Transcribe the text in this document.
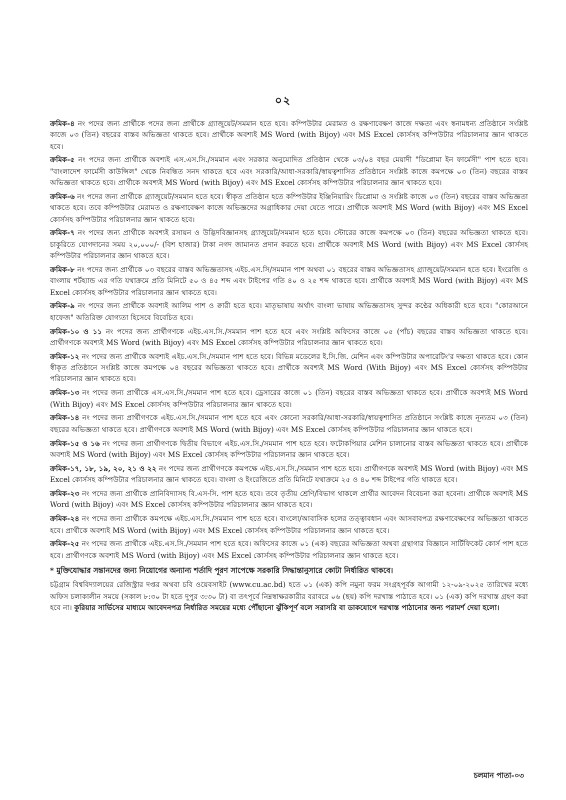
০২

ক্রমিক-৪ নং পদের জন্য প্রার্থীকে পদের জন্য প্রার্থীকে গ্র্যাজুয়েট/সমমান হতে হবে। কম্পিউটার মেরামত ও রক্ষণাবেক্ষণ কাজে দক্ষতা এবং স্বনামধন্য প্রতিষ্ঠানে সংশ্লিষ্ট কাজে ০৩ (তিন) বছরের বাস্তব অভিজ্ঞতা থাকতে হবে। প্রার্থীকে অবশ্যই MS Word (with Bijoy) এবং MS Excel কোর্সসহ কম্পিউটার পরিচালনার জ্ঞান থাকতে হবে।

ক্রমিক-৫ নং পদের জন্য প্রার্থীকে অবশ্যই এস.এস.সি./সমমান এবং সরকার অনুমোদিত প্রতিষ্ঠান থেকে ০৩/০৪ বছর মেয়াদী "ডিপ্লোমা ইন ফার্মেসী" পাশ হতে হবে। "বাংলাদেশ ফার্মেসী কাউন্সিল" থেকে নিবন্ধিত সনদ থাকতে হবে এবং সরকারি/আধা-সরকারি/স্বায়ত্বশাসিত প্রতিষ্ঠানে সংশ্লিষ্ট কাজে কমপক্ষে ০৩ (তিন) বছরের বাস্তব অভিজ্ঞতা থাকতে হবে। প্রার্থীকে অবশ্যই MS Word (with Bijoy) এবং MS Excel কোর্সসহ কম্পিউটার পরিচালনার জ্ঞান থাকতে হবে।

ক্রমিক-৬ নং পদের জন্য প্রার্থীকে গ্র্যাজুয়েট/সমমান হতে হবে। স্বীকৃত প্রতিষ্ঠান হতে কম্পিউটার ইঞ্জিনিয়ারিং ডিপ্লোমা ও সংশ্লিষ্ট কাজে ০৩ (তিন) বছরের বাস্তব অভিজ্ঞতা থাকতে হবে। তবে কম্পিউটার মেরামত ও রক্ষণাবেক্ষণ কাজে অভিজ্ঞদের অগ্রাধিকার দেয়া যেতে পারে। প্রার্থীকে অবশ্যই MS Word (with Bijoy) এবং MS Excel কোর্সসহ কম্পিউটার পরিচালনার জ্ঞান থাকতে হবে।

ক্রমিক-৭ নং পদের জন্য প্রার্থীকে অবশ্যই রসায়ন ও উদ্ভিদবিজ্ঞানসহ গ্র্যাজুয়েট/সমমান হতে হবে। স্টোরের কাজে কমপক্ষে ০৩ (তিন) বছরের অভিজ্ঞতা থাকতে হবে। চাকুরিতে যোগদানের সময় ২০,০০০/- (বিশ হাজার) টাকা নগদ জামানত প্রদান করতে হবে। প্রার্থীকে অবশ্যই MS Word (with Bijoy) এবং MS Excel কোর্সসহ কম্পিউটার পরিচালনার জ্ঞান থাকতে হবে।

ক্রমিক-৮ নং পদের জন্য প্রার্থীকে ০৩ বছরের বাস্তব অভিজ্ঞতাসহ এইচ.এস.সি/সমমান পাশ অথবা ০১ বছরের বাস্তব অভিজ্ঞতাসহ গ্র্যাজুয়েট/সমমান হতে হবে। ইংরেজি ও বাংলায় শর্টহ্যান্ড এর গতি যথাক্রমে প্রতি মিনিটে ৫০ ও ৪৫ শব্দ এবং টাইপের গতি ৪০ ও ২৫ শব্দ থাকতে হবে। প্রার্থীকে অবশ্যই MS Word (with Bijoy) এবং MS Excel কোর্সসহ কম্পিউটার পরিচালনার জ্ঞান থাকতে হবে।

ক্রমিক-৯ নং পদের জন্য প্রার্থীকে অবশ্যই আলিম পাশ ও ক্বারী হতে হবে। মাতৃভাষায় অর্থাৎ বাংলা ভাষায় অভিজ্ঞতাসহ সুন্দর কণ্ঠের অধিকারী হতে হবে। "কোরআনে হাফেজ" অতিরিক্ত যোগ্যতা হিসেবে বিবেচিত হবে।

ক্রমিক-১০ ও ১১ নং পদের জন্য প্রার্থীগণকে এইচ.এস.সি./সমমান পাশ হতে হবে এবং সংশ্লিষ্ট অফিসের কাজে ০৫ (পাঁচ) বছরের বাস্তব অভিজ্ঞতা থাকতে হবে। প্রার্থীগণকে অবশ্যই MS Word (with Bijoy) এবং MS Excel কোর্সসহ কম্পিউটার পরিচালনার জ্ঞান থাকতে হবে।

ক্রমিক-১২ নং পদের জন্য প্রার্থীকে অবশ্যই এইচ.এস.সি./সমমান পাশ হতে হবে। বিভিন্ন মডেলের ই.সি.জি. মেশিন এবং কম্পিউটার অপারেটিং'র দক্ষতা থাকতে হবে। কোন স্বীকৃত প্রতিষ্ঠানে সংশ্লিষ্ট কাজে কমপক্ষে ০৪ বছরের অভিজ্ঞতা থাকতে হবে। প্রার্থীকে অবশ্যই MS Word (With Bijoy) এবং MS Excel কোর্সসহ কম্পিউটার পরিচালনার জ্ঞান থাকতে হবে।

ক্রমিক-১৩ নং পদের জন্য প্রার্থীকে এস.এস.সি./সমমান পাশ হতে হবে। ড্রেসারের কাজে ০১ (তিন) বছরের বাস্তব অভিজ্ঞতা থাকতে হবে। প্রার্থীকে অবশ্যই MS Word (With Bijoy) এবং MS Excel কোর্সসহ কম্পিউটার পরিচালনার জ্ঞান থাকতে হবে।

ক্রমিক-১৪ নং পদের জন্য প্রার্থীগণকে এইচ.এস.সি./সমমান পাশ হতে হবে এবং কোনো সরকারি/আধা-সরকারি/স্বায়ত্বশাসিত প্রতিষ্ঠানে সংশ্লিষ্ট কাজে নূন্যতম ০৩ (তিন) বছরের অভিজ্ঞতা থাকতে হবে। প্রার্থীগণকে অবশ্যই MS Word (with Bijoy) এবং MS Excel কোর্সসহ কম্পিউটার পরিচালনার জ্ঞান থাকতে হবে।

ক্রমিক-১৫ ও ১৬ নং পদের জন্য প্রার্থীগণকে দ্বিতীয় বিভাগে এইচ.এস.সি./সমমান পাশ হতে হবে। ফটোকপিয়ার মেশিন চালানোর বাস্তব অভিজ্ঞতা থাকতে হবে। প্রার্থীকে অবশ্যই MS Word (with Bijoy) এবং MS Excel কোর্সসহ কম্পিউটার পরিচালনার জ্ঞান থাকতে হবে।

ক্রমিক-১৭, ১৮, ১৯, ২০, ২১ ও ২২ নং পদের জন্য প্রার্থীগণকে কমপক্ষে এইচ.এস.সি./সমমান পাশ হতে হবে। প্রার্থীগণকে অবশ্যই MS Word (with Bijoy) এবং MS Excel কোর্সসহ কম্পিউটার পরিচালনার জ্ঞান থাকতে হবে। বাংলা ও ইংরেজিতে প্রতি মিনিটে যথাক্রমে ২৫ ও ৪০ শব্দ টাইপের গতি থাকতে হবে।

ক্রমিক-২৩ নং পদের জন্য প্রার্থীকে প্রানিবিদ্যাসহ বি.এস-সি. পাশ হতে হবে। তবে তৃতীয় শ্রেণি/বিভাগ থাকলে প্রার্থীর আবেদন বিবেচনা করা হবেনা। প্রার্থীকে অবশ্যই MS Word (with Bijoy) এবং MS Excel কোর্সসহ কম্পিউটার পরিচালনার জ্ঞান থাকতে হবে।

ক্রমিক-২৪ নং পদের জন্য প্রার্থীকে কমপক্ষে এইচ.এস.সি./সমমান পাশ হতে হবে। বাংলো/আবাসিক হলের তত্ত্বাবধান এবং আসবাবপত্র রক্ষণাবেক্ষণের অভিজ্ঞতা থাকতে হবে। প্রার্থীকে অবশ্যই MS Word (with Bijoy) এবং MS Excel কোর্সসহ কম্পিউটার পরিচালনার জ্ঞান থাকতে হবে।

ক্রমিক-২৫ নং পদের জন্য প্রার্থীকে এইচ.এস.সি./সমমান পাশ হতে হবে। অফিসের কাজে ০১ (এক) বছরের অভিজ্ঞতা অথবা গ্রন্থাগার বিজ্ঞানে সার্টিফিকেট কোর্স পাশ হতে হবে। প্রার্থীগণকে অবশ্যই MS Word (with Bijoy) এবং MS Excel কোর্সসহ কম্পিউটার পরিচালনার জ্ঞান থাকতে হবে।

* মুক্তিযোদ্ধার সন্তানদের জন্য নিয়োগের অন্যান্য শর্তাদি পূরণ সাপেক্ষে সরকারি সিদ্ধান্তানুসারে কোটা নির্ধারিত থাকবে।

চট্টগ্রাম বিশ্ববিদ্যালয়ের রেজিস্ট্রার দপ্তর অথবা চবি ওয়েবসাইট (www.cu.ac.bd) হতে ০১ (এক) কপি নমুনা ফরম সংগ্রহপূর্বক আগামী ১২-০৯-২০২৫ তারিখের মধ্যে অফিস চলাকালীন সময়ে (সকাল ৮:৩০ টা হতে দুপুর ৩:৩০ টা) বা তৎপূর্বে নিম্নস্বাক্ষরকারীর বরাবরে ০৬ (ছয়) কপি দরখাস্ত পাঠাতে হবে। ০১ (এক) কপি দরখাস্ত গ্রহণ করা হবে না। কুরিয়ার সার্ভিসের মাধ্যমে আবেদনপত্র নির্ধারিত সময়ের মধ্যে পৌঁছানো ঝুঁকিপূর্ণ বলে সরাসরি বা ডাকযোগে দরখাস্ত পাঠানোর জন্য পরামর্শ দেয়া হলো।

চলমান পাতা-০৩
